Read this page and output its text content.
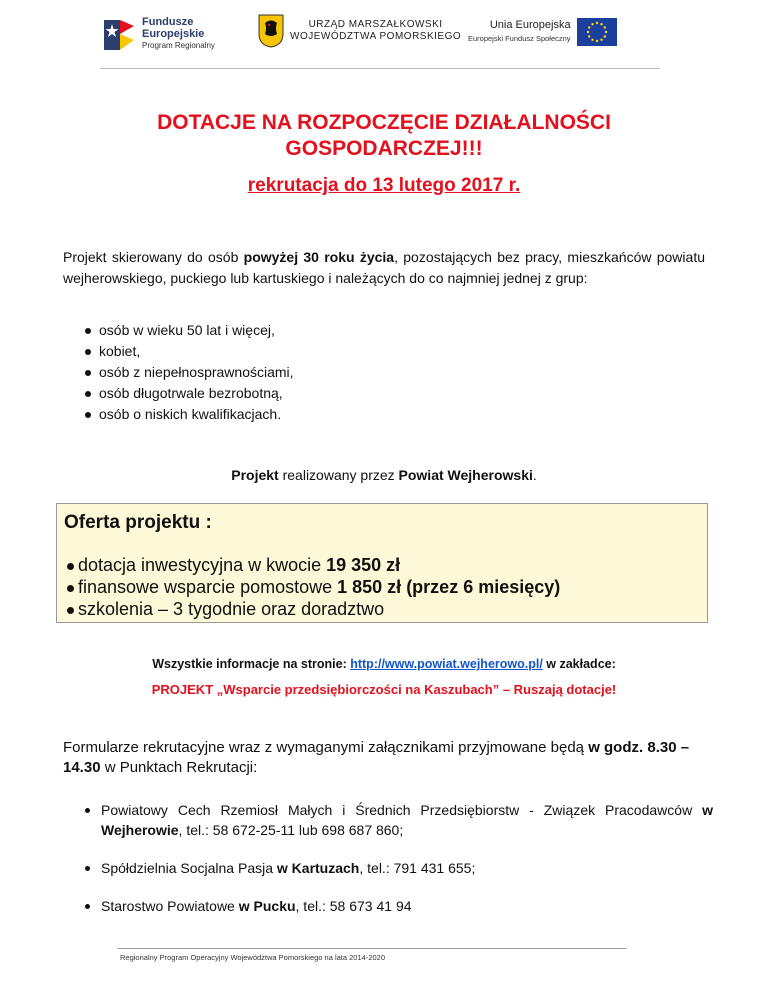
Fundusze
Europejskie
Program Regionalny
URZĄD MARSZAŁKOWSKI
WOJEWÓDZTWA POMORSKIEGO
Unia Europejska
Europejski Fundusz Społeczny
DOTACJE NA ROZPOCZĘCIE DZIAŁALNOŚCI
GOSPODARCZEJ!!!
rekrutacja do 13 lutego 2017 r.
Projekt skierowany do osób powyżej 30 roku życia, pozostających bez pracy, mieszkańców powiatu wejherowskiego, puckiego lub kartuskiego i należących do co najmniej jednej z grup:
osób w wieku 50 lat i więcej,
kobiet,
osób z niepełnosprawnościami,
osób długotrwale bezrobotną,
osób o niskich kwalifikacjach.
Projekt realizowany przez Powiat Wejherowski.
Oferta projektu :
dotacja inwestycyjna w kwocie 19 350 zł
finansowe wsparcie pomostowe 1 850 zł (przez 6 miesięcy)
szkolenia – 3 tygodnie oraz doradztwo
Wszystkie informacje na stronie: http://www.powiat.wejherowo.pl/ w zakładce:
PROJEKT „Wsparcie przedsiębiorczości na Kaszubach” – Ruszają dotacje!
Formularze rekrutacyjne wraz z wymaganymi załącznikami przyjmowane będą w godz. 8.30 – 14.30 w Punktach Rekrutacji:
Powiatowy Cech Rzemiosł Małych i Średnich Przedsiębiorstw - Związek Pracodawców w Wejherowie, tel.: 58 672-25-11 lub 698 687 860;
Spółdzielnia Socjalna Pasja w Kartuzach, tel.: 791 431 655;
Starostwo Powiatowe w Pucku, tel.: 58 673 41 94
Regionalny Program Operacyjny Województwa Pomorskiego na lata 2014-2020
